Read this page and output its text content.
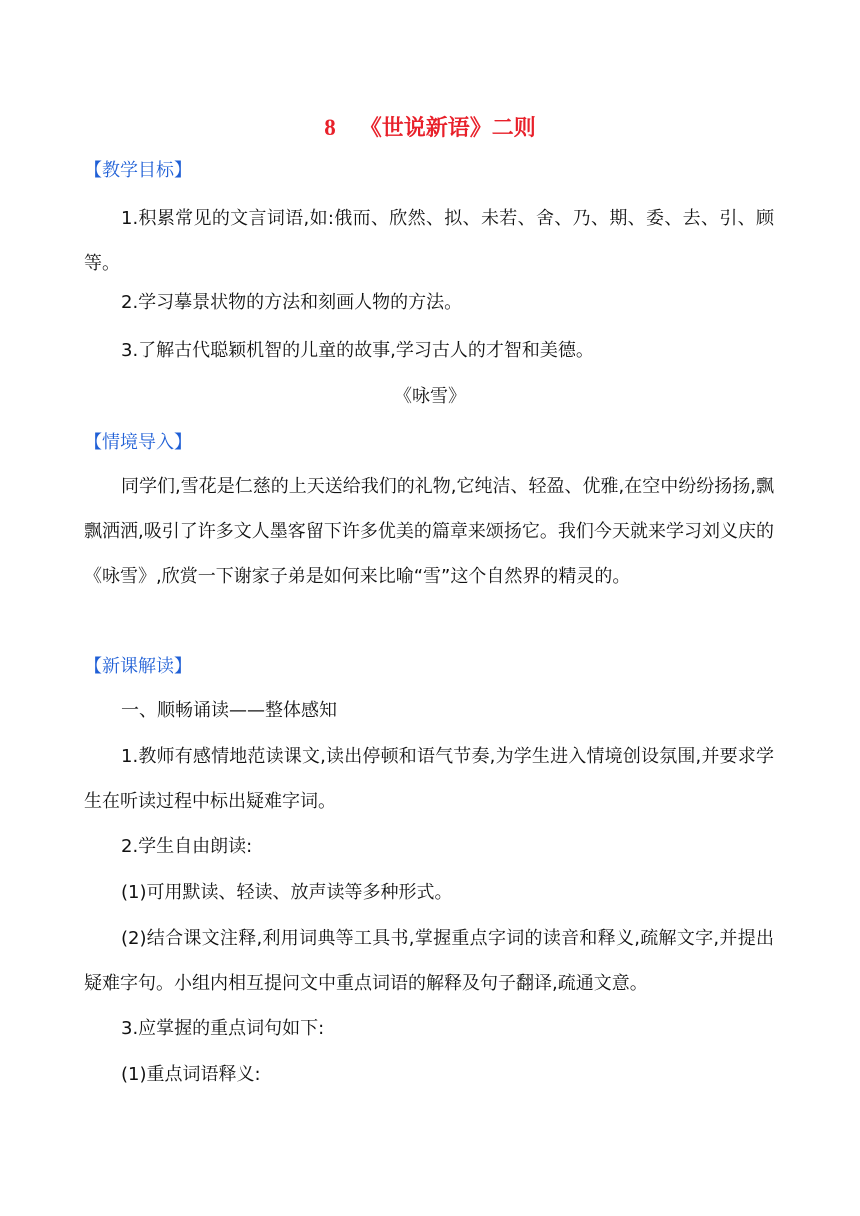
8 《世说新语》二则
【教学目标】
1.积累常见的文言词语,如:俄而、欣然、拟、未若、舍、乃、期、委、去、引、顾等。
2.学习摹景状物的方法和刻画人物的方法。
3.了解古代聪颖机智的儿童的故事,学习古人的才智和美德。
《咏雪》
【情境导入】
同学们,雪花是仁慈的上天送给我们的礼物,它纯洁、轻盈、优雅,在空中纷纷扬扬,飘飘洒洒,吸引了许多文人墨客留下许多优美的篇章来颂扬它。我们今天就来学习刘义庆的《咏雪》,欣赏一下谢家子弟是如何来比喻“雪”这个自然界的精灵的。
【新课解读】
一、顺畅诵读——整体感知
1.教师有感情地范读课文,读出停顿和语气节奏,为学生进入情境创设氛围,并要求学生在听读过程中标出疑难字词。
2.学生自由朗读:
(1)可用默读、轻读、放声读等多种形式。
(2)结合课文注释,利用词典等工具书,掌握重点字词的读音和释义,疏解文字,并提出疑难字句。小组内相互提问文中重点词语的解释及句子翻译,疏通文意。
3.应掌握的重点词句如下:
(1)重点词语释义:
